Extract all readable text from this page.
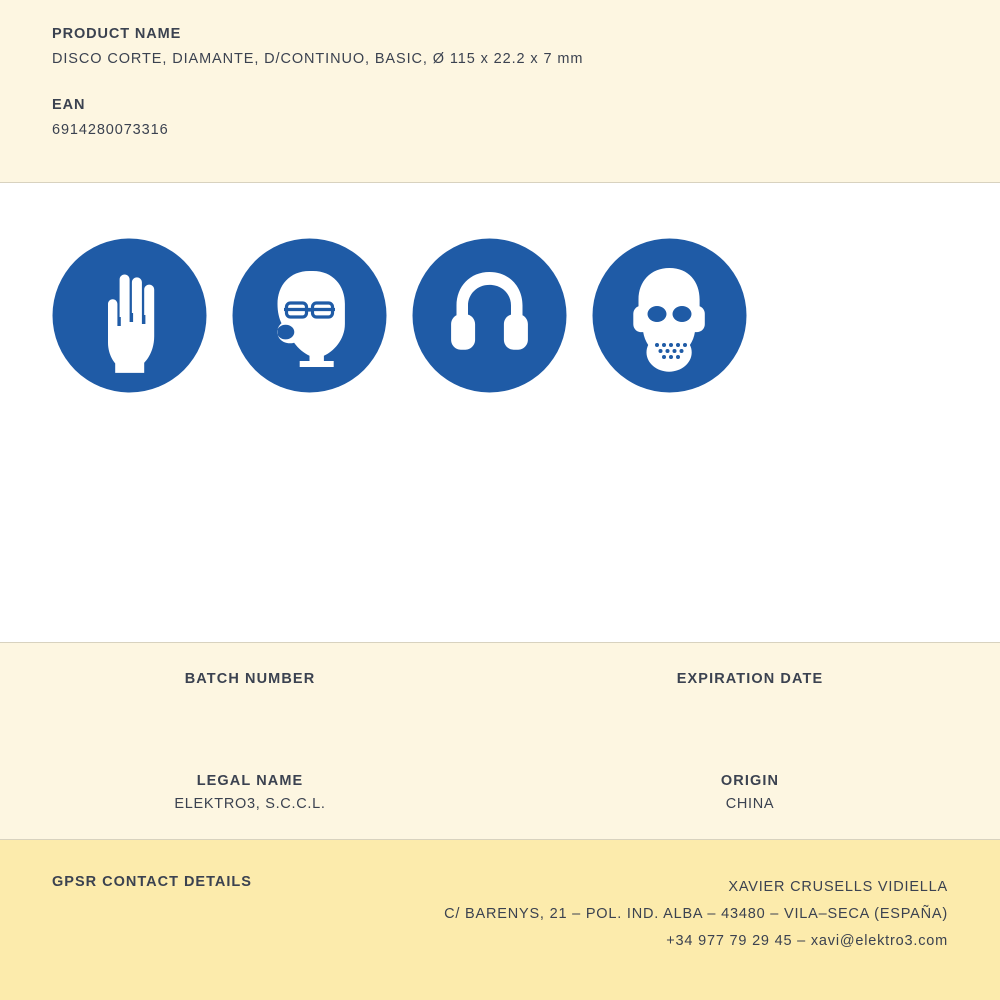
PRODUCT NAME

DISCO CORTE, DIAMANTE, D/CONTINUO, BASIC, Ø 115 x 22.2 x 7 mm

EAN

6914280073316

BATCH NUMBER	EXPIRATION DATE

LEGAL NAME

ELEKTRO3, S.C.C.L.

ORIGIN

CHINA

GPSR CONTACT DETAILS	XAVIER CRUSELLS VIDIELLA
C/ BARENYS, 21 – POL. IND. ALBA – 43480 – VILA–SECA (ESPAÑA)
+34 977 79 29 45 – xavi@elektro3.com
